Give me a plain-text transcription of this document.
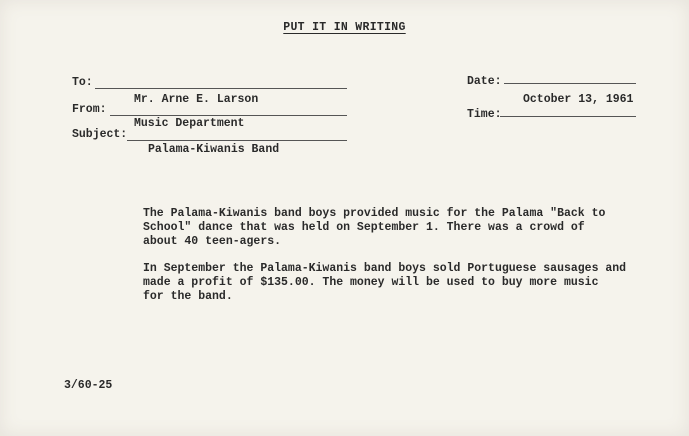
PUT IT IN WRITING
To:
Mr. Arne E. Larson
From:
Music Department
Subject:
Palama-Kiwanis Band
Date:
October 13, 1961
Time:
The Palama-Kiwanis band boys provided music for the Palama "Back to
School" dance that was held on September 1. There was a crowd of
about 40 teen-agers.
In September the Palama-Kiwanis band boys sold Portuguese sausages and
made a profit of $135.00. The money will be used to buy more music
for the band.
3/60-25
